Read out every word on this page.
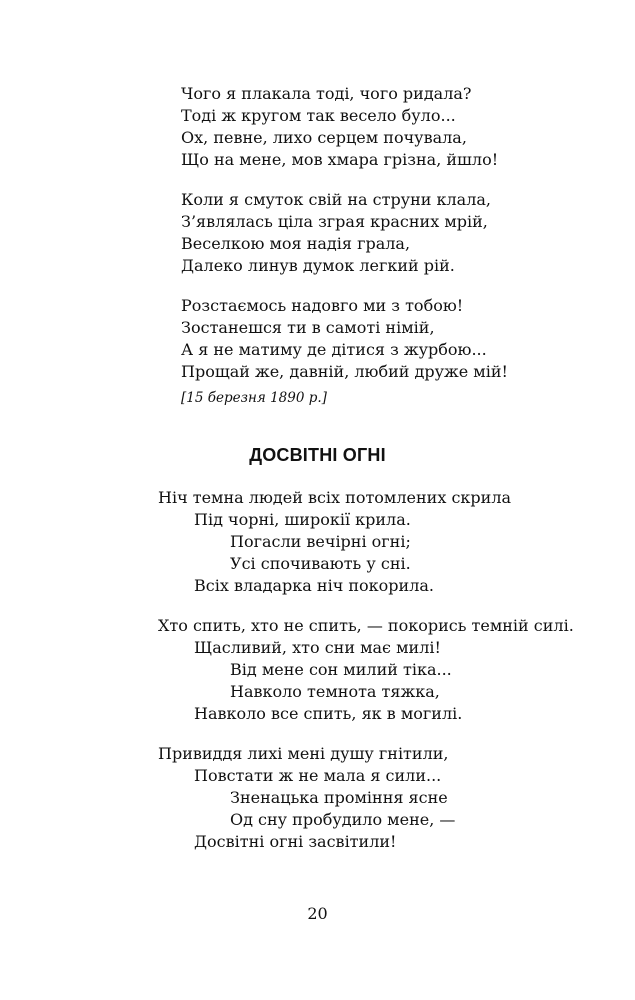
Чого я плакала тоді, чого ридала?
Тоді ж кругом так весело було...
Ох, певне, лихо серцем почувала,
Що на мене, мов хмара грізна, йшло!
Коли я смуток свій на струни клала,
З’являлась ціла зграя красних мрій,
Веселкою моя надія грала,
Далеко линув думок легкий рій.
Розстаємось надовго ми з тобою!
Зостанешся ти в самоті німій,
А я не матиму де дітися з журбою...
Прощай же, давній, любий друже мій!
[15 березня 1890 р.]
ДОСВІТНІ ОГНІ
Ніч темна людей всіх потомлених скрила
Під чорні, широкії крила.
Погасли вечірні огні;
Усі спочивають у сні.
Всіх владарка ніч покорила.
Хто спить, хто не спить, — покорись темній силі.
Щасливий, хто сни має милі!
Від мене сон милий тіка...
Навколо темнота тяжка,
Навколо все спить, як в могилі.
Привиддя лихі мені душу гнітили,
Повстати ж не мала я сили...
Зненацька проміння ясне
Од сну пробудило мене, —
Досвітні огні засвітили!
20
